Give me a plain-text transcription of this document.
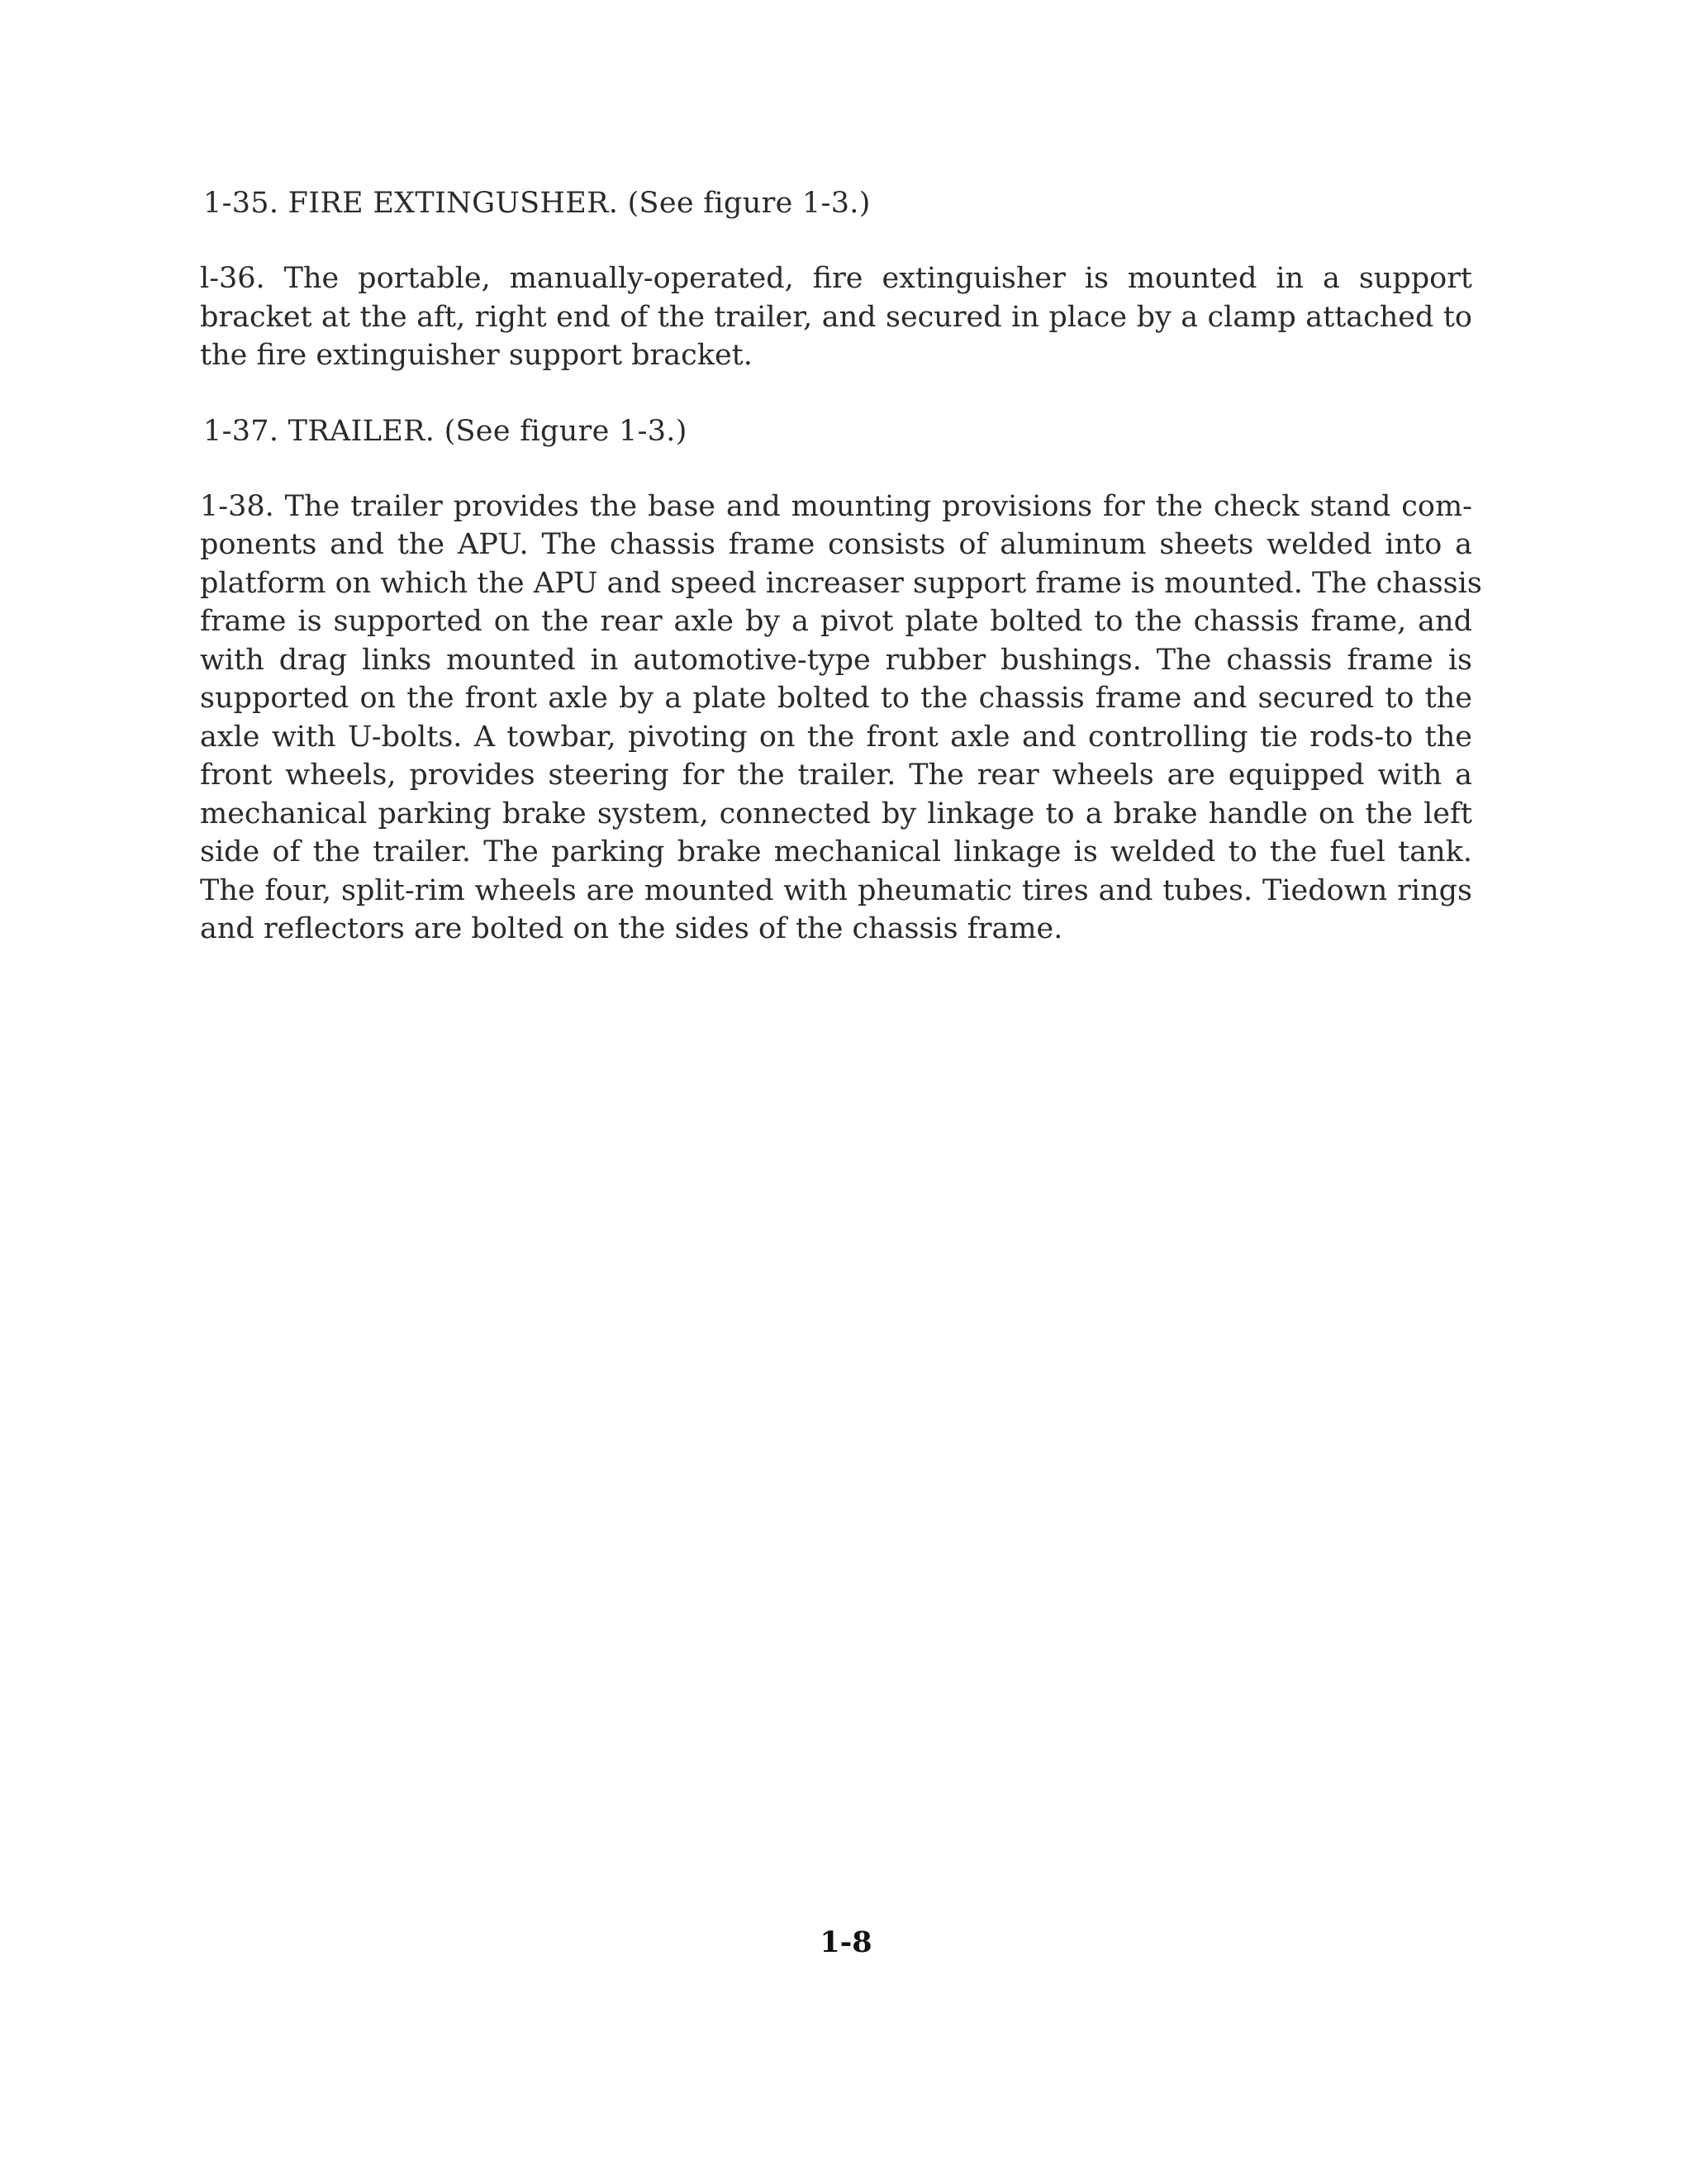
1-35. FIRE EXTINGUSHER. (See figure 1-3.)
l-36. The portable, manually-operated, fire extinguisher is mounted in a support
bracket at the aft, right end of the trailer, and secured in place by a clamp attached to
the fire extinguisher support bracket.
1-37. TRAILER. (See figure 1-3.)
1-38. The trailer provides the base and mounting provisions for the check stand com-
ponents and the APU. The chassis frame consists of aluminum sheets welded into a
platform on which the APU and speed increaser support frame is mounted. The chassis
frame is supported on the rear axle by a pivot plate bolted to the chassis frame, and
with drag links mounted in automotive-type rubber bushings. The chassis frame is
supported on the front axle by a plate bolted to the chassis frame and secured to the
axle with U-bolts. A towbar, pivoting on the front axle and controlling tie rods-to the
front wheels, provides steering for the trailer. The rear wheels are equipped with a
mechanical parking brake system, connected by linkage to a brake handle on the left
side of the trailer. The parking brake mechanical linkage is welded to the fuel tank.
The four, split-rim wheels are mounted with pheumatic tires and tubes. Tiedown rings
and reflectors are bolted on the sides of the chassis frame.
1-8
